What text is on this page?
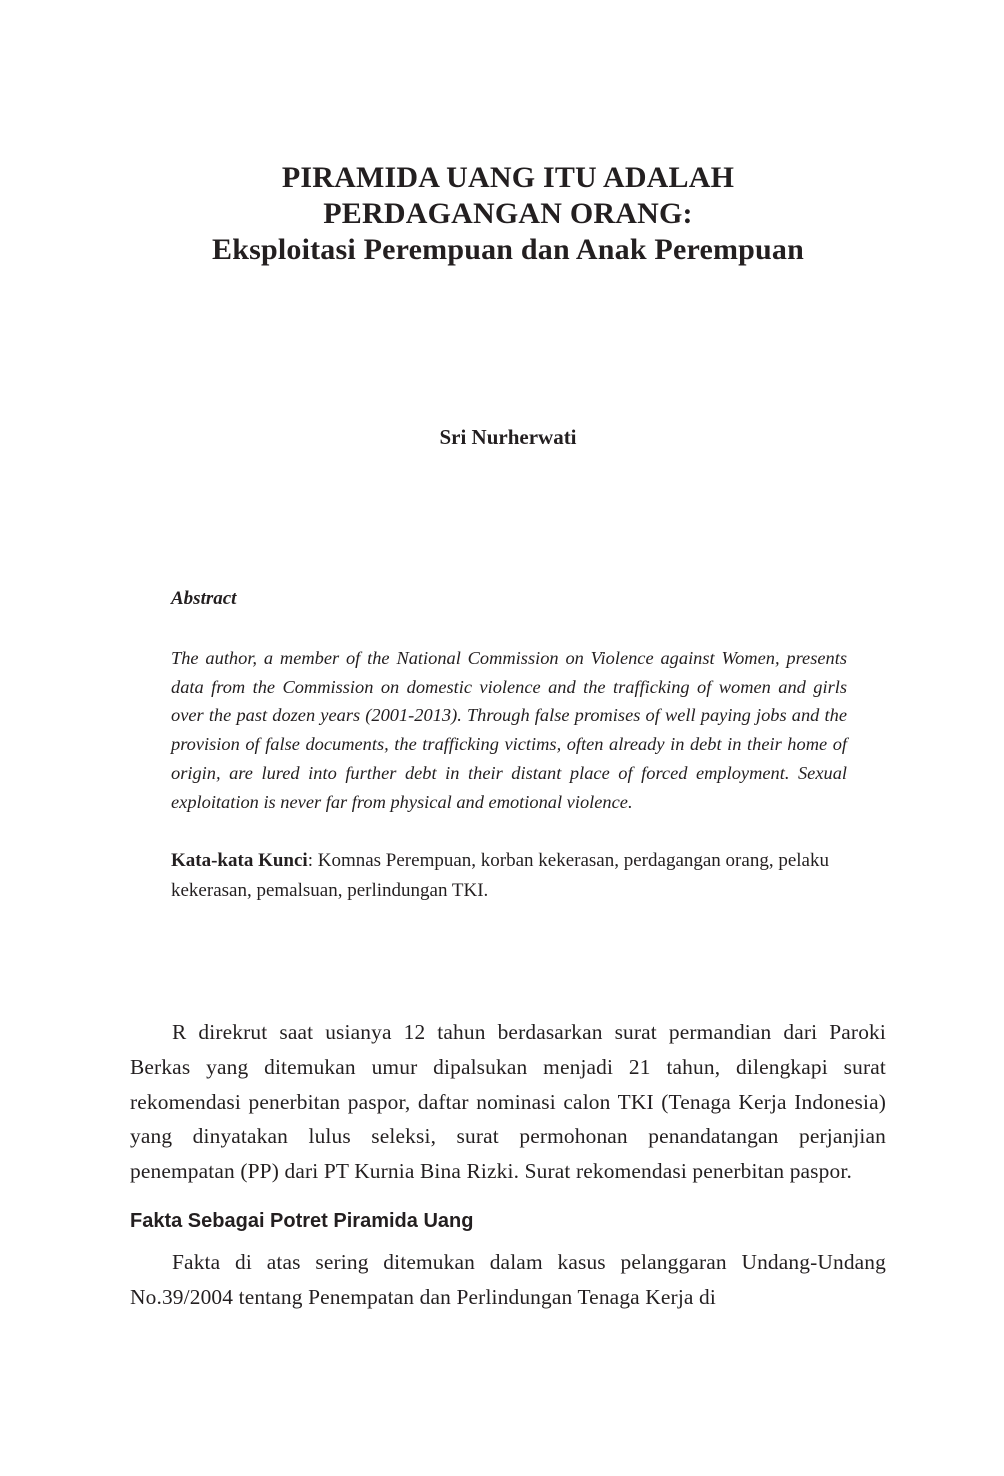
PIRAMIDA UANG ITU ADALAH
PERDAGANGAN ORANG:
Eksploitasi Perempuan dan Anak Perempuan
Sri Nurherwati

Abstract

The author, a member of the National Commission on Violence against Women, presents data from the Commission on domestic violence and the trafficking of women and girls over the past dozen years (2001-2013). Through false promises of well paying jobs and the provision of false documents, the trafficking victims, often already in debt in their home of origin, are lured into further debt in their distant place of forced employment. Sexual exploitation is never far from physical and emotional violence.

Kata-kata Kunci: Komnas Perempuan, korban kekerasan, perdagangan orang, pelaku kekerasan, pemalsuan, perlindungan TKI.

R direkrut saat usianya 12 tahun berdasarkan surat permandian dari Paroki Berkas yang ditemukan umur dipalsukan menjadi 21 tahun, dilengkapi surat rekomendasi penerbitan paspor, daftar nominasi calon TKI (Tenaga Kerja Indonesia) yang dinyatakan lulus seleksi, surat permohonan penandatangan perjanjian penempatan (PP) dari PT Kurnia Bina Rizki. Surat rekomendasi penerbitan paspor.

Fakta Sebagai Potret Piramida Uang

Fakta di atas sering ditemukan dalam kasus pelanggaran Undang-Undang No.39/2004 tentang Penempatan dan Perlindungan Tenaga Kerja di
